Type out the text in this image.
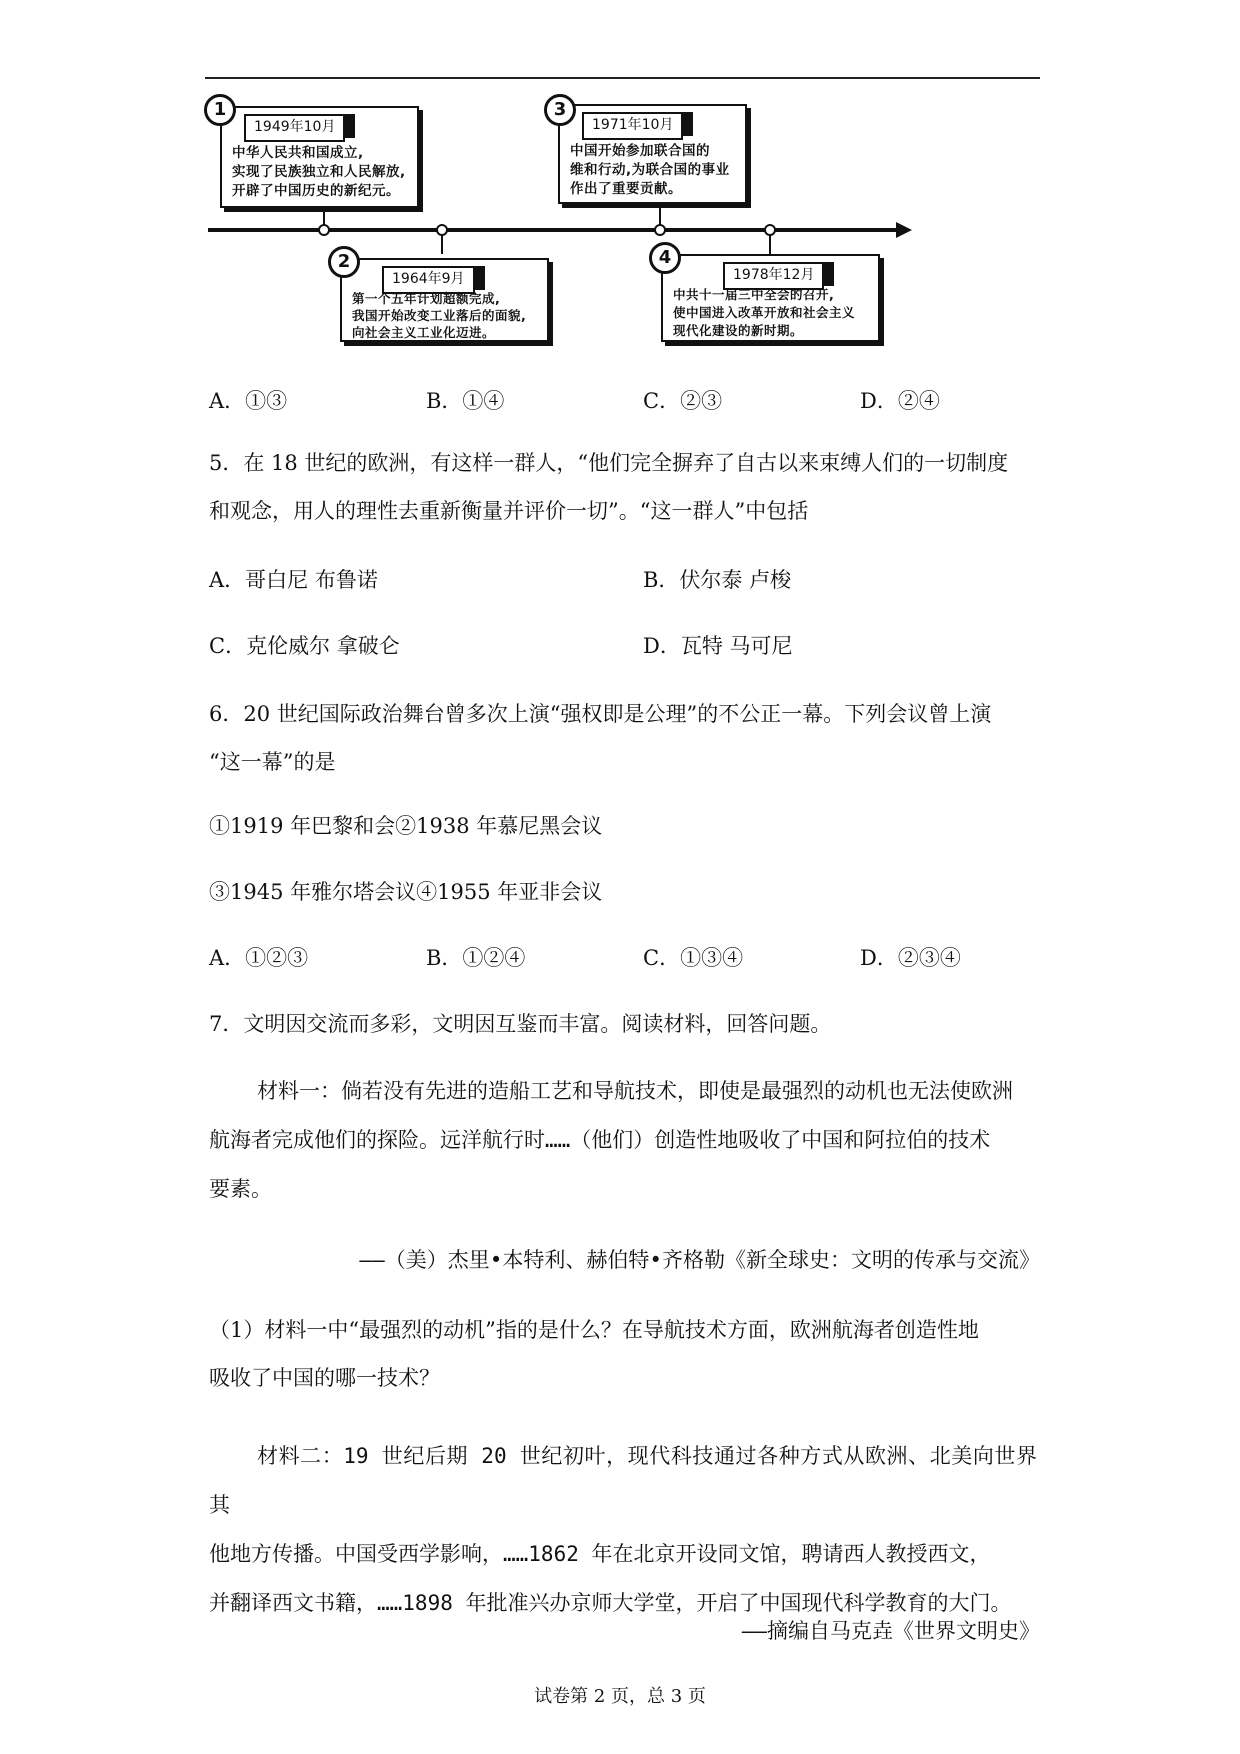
1949年10月
中华人民共和国成立,
实现了民族独立和人民解放,
开辟了中国历史的新纪元。
1
1964年9月
第一个五年计划超额完成,
我国开始改变工业落后的面貌,
向社会主义工业化迈进。
2
1971年10月
中国开始参加联合国的
维和行动,为联合国的事业
作出了重要贡献。
3
1978年12月
中共十一届三中全会的召开,
使中国进入改革开放和社会主义
现代化建设的新时期。
4
A．①③	B．①④	C．②③	D．②④
5．在 18 世纪的欧洲，有这样一群人，“他们完全摒弃了自古以来束缚人们的一切制度
和观念，用人的理性去重新衡量并评价一切”。“这一群人”中包括
A．哥白尼 布鲁诺	B．伏尔泰 卢梭
C．克伦威尔 拿破仑	D．瓦特 马可尼
6．20 世纪国际政治舞台曾多次上演“强权即是公理”的不公正一幕。下列会议曾上演
“这一幕”的是
①1919 年巴黎和会②1938 年慕尼黑会议
③1945 年雅尔塔会议④1955 年亚非会议
A．①②③	B．①②④	C．①③④	D．②③④
7．文明因交流而多彩，文明因互鉴而丰富。阅读材料，回答问题。
材料一：倘若没有先进的造船工艺和导航技术，即使是最强烈的动机也无法使欧洲
航海者完成他们的探险。远洋航行时……（他们）创造性地吸收了中国和阿拉伯的技术
要素。
——（美）杰里•本特利、赫伯特•齐格勒《新全球史：文明的传承与交流》
（1）材料一中“最强烈的动机”指的是什么？在导航技术方面，欧洲航海者创造性地
吸收了中国的哪一技术？
材料二：19 世纪后期 20 世纪初叶，现代科技通过各种方式从欧洲、北美向世界其
他地方传播。中国受西学影响，……1862 年在北京开设同文馆，聘请西人教授西文，
并翻译西文书籍，……1898 年批准兴办京师大学堂，开启了中国现代科学教育的大门。
——摘编自马克垚《世界文明史》
试卷第 2 页，总 3 页
